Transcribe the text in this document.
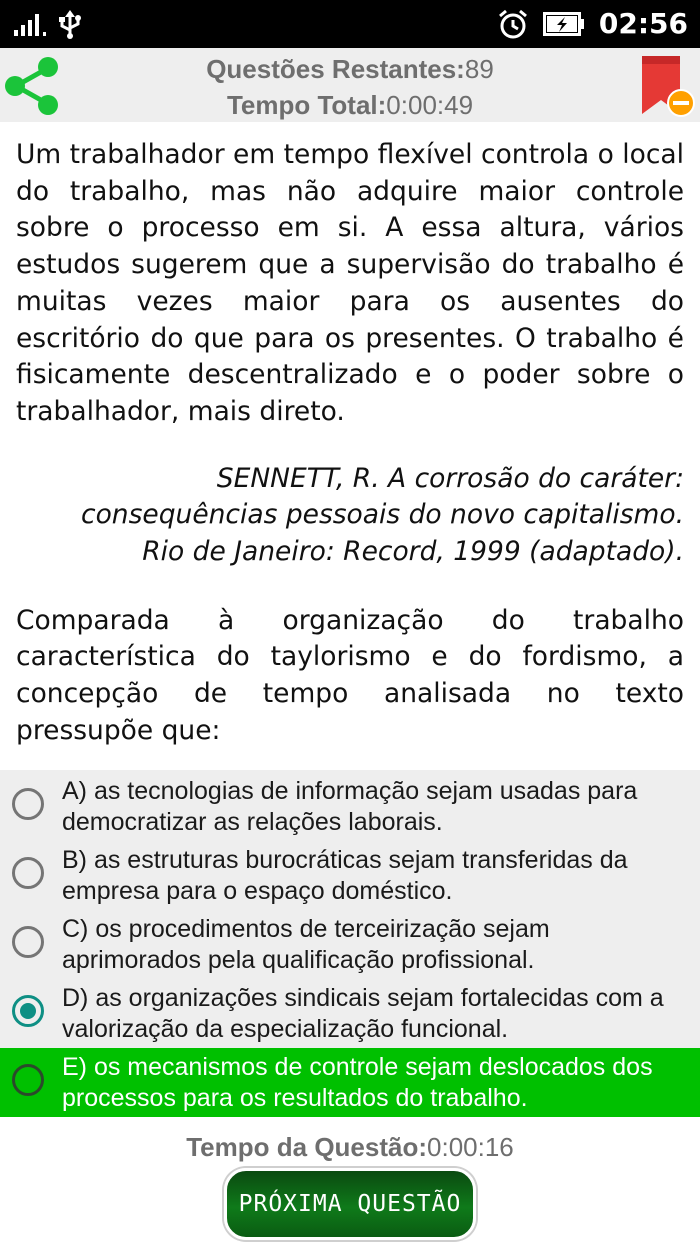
02:56
Questões Restantes:89
Tempo Total:0:00:49

Um trabalhador em tempo flexível controla o local do trabalho, mas não adquire maior controle sobre o processo em si. A essa altura, vários estudos sugerem que a supervisão do trabalho é muitas vezes maior para os ausentes do escritório do que para os presentes. O trabalho é fisicamente descentralizado e o poder sobre o trabalhador, mais direto.

SENNETT, R. A corrosão do caráter:
consequências pessoais do novo capitalismo.
Rio de Janeiro: Record, 1999 (adaptado).

Comparada à organização do trabalho característica do taylorismo e do fordismo, a concepção de tempo analisada no texto pressupõe que:

A) as tecnologias de informação sejam usadas para democratizar as relações laborais.
B) as estruturas burocráticas sejam transferidas da empresa para o espaço doméstico.
C) os procedimentos de terceirização sejam aprimorados pela qualificação profissional.
D) as organizações sindicais sejam fortalecidas com a valorização da especialização funcional.
E) os mecanismos de controle sejam deslocados dos processos para os resultados do trabalho.
Tempo da Questão:0:00:16
PRÓXIMA QUESTÃO
